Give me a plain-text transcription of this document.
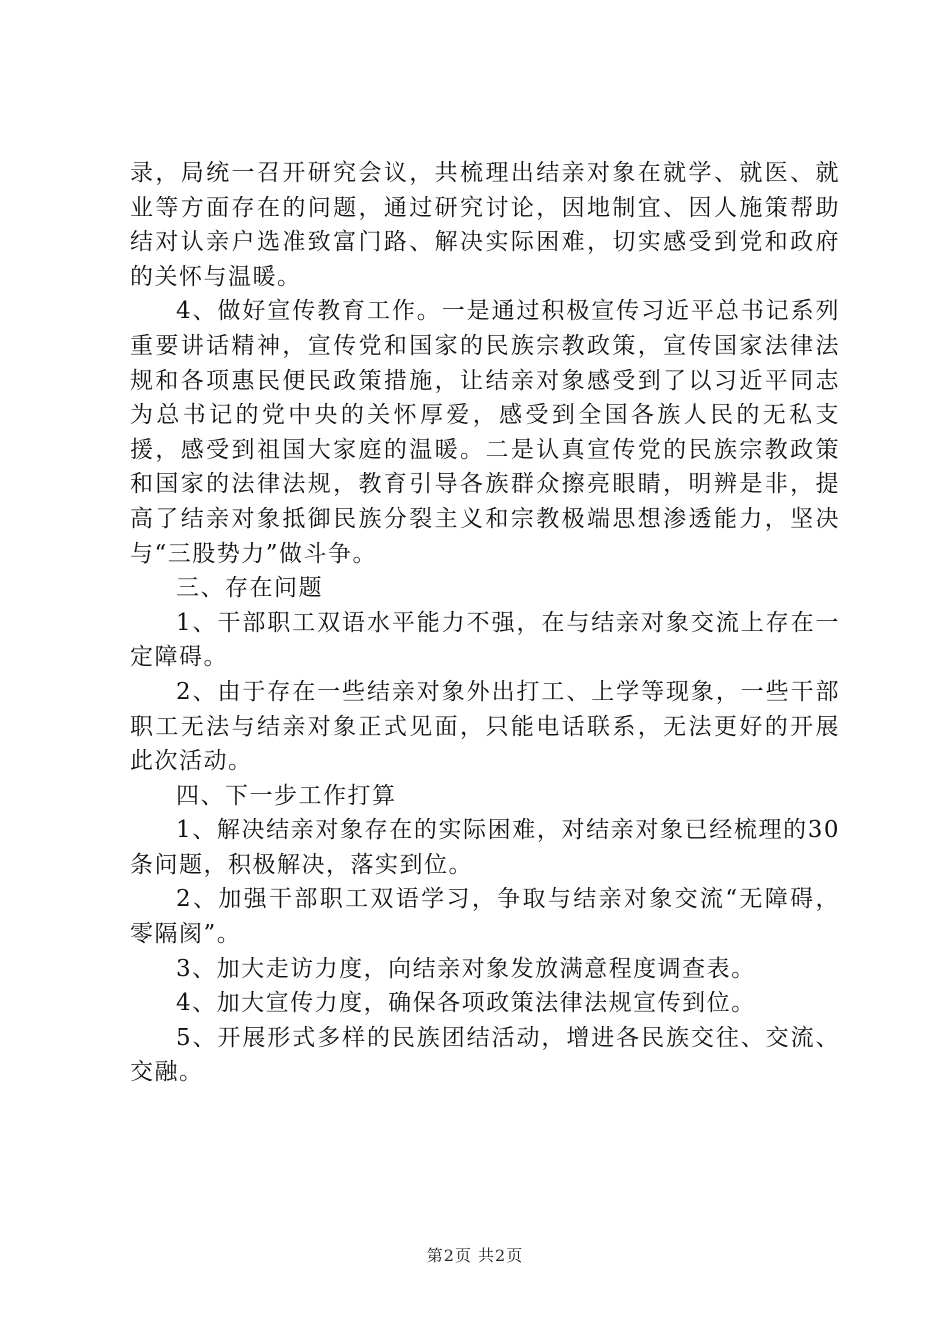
录，局统一召开研究会议，共梳理出结亲对象在就学、就医、就业等方面存在的问题，通过研究讨论，因地制宜、因人施策帮助结对认亲户选准致富门路、解决实际困难，切实感受到党和政府的关怀与温暖。

4、做好宣传教育工作。一是通过积极宣传习近平总书记系列重要讲话精神，宣传党和国家的民族宗教政策，宣传国家法律法规和各项惠民便民政策措施，让结亲对象感受到了以习近平同志为总书记的党中央的关怀厚爱，感受到全国各族人民的无私支援，感受到祖国大家庭的温暖。二是认真宣传党的民族宗教政策和国家的法律法规，教育引导各族群众擦亮眼睛，明辨是非，提高了结亲对象抵御民族分裂主义和宗教极端思想渗透能力，坚决与“三股势力”做斗争。

三、存在问题

1、干部职工双语水平能力不强，在与结亲对象交流上存在一定障碍。

2、由于存在一些结亲对象外出打工、上学等现象，一些干部职工无法与结亲对象正式见面，只能电话联系，无法更好的开展此次活动。

四、下一步工作打算

1、解决结亲对象存在的实际困难，对结亲对象已经梳理的30条问题，积极解决，落实到位。

2、加强干部职工双语学习，争取与结亲对象交流“无障碍，零隔阂”。

3、加大走访力度，向结亲对象发放满意程度调查表。

4、加大宣传力度，确保各项政策法律法规宣传到位。

5、开展形式多样的民族团结活动，增进各民族交往、交流、交融。

第2页 共2页
